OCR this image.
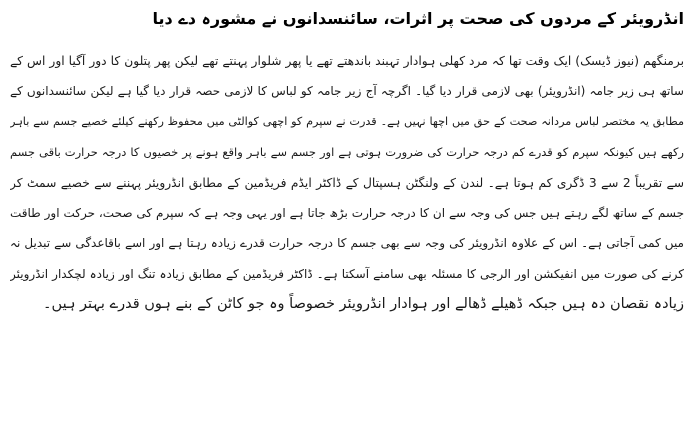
انڈرویئر کے مردوں کی صحت پر اثرات، سائنسدانوں نے مشورہ دے دیا
برمنگھم (نیوز ڈیسک) ایک وقت تھا کہ مرد کھلی ہوادار تہبند باندھتے تھے یا پھر شلوار پہنتے تھے لیکن پھر پتلون کا دور آگیا اور اس کے
ساتھ ہی زیر جامہ (انڈرویئر) بھی لازمی قرار دیا گیا۔ اگرچہ آج زیر جامہ کو لباس کا لازمی حصہ قرار دیا گیا ہے لیکن سائنسدانوں کے
مطابق یہ مختصر لباس مردانہ صحت کے حق میں اچھا نہیں ہے۔ قدرت نے سپرم کو اچھی کوالٹی میں محفوظ رکھنے کیلئے خصیے جسم سے باہر
رکھے ہیں کیونکہ سپرم کو قدرے کم درجہ حرارت کی ضرورت ہوتی ہے اور جسم سے باہر واقع ہونے پر خصیوں کا درجہ حرارت باقی جسم
سے تقریباً 2 سے 3 ڈگری کم ہوتا ہے۔ لندن کے ولنگٹن ہسپتال کے ڈاکٹر ایڈم فریڈمین کے مطابق انڈرویئر پہننے سے خصیے سمٹ کر
جسم کے ساتھ لگے رہتے ہیں جس کی وجہ سے ان کا درجہ حرارت بڑھ جاتا ہے اور یہی وجہ ہے کہ سپرم کی صحت، حرکت اور طاقت
میں کمی آجاتی ہے۔ اس کے علاوہ انڈرویئر کی وجہ سے بھی جسم کا درجہ حرارت قدرے زیادہ رہتا ہے اور اسے باقاعدگی سے تبدیل نہ
کرنے کی صورت میں انفیکشن اور الرجی کا مسئلہ بھی سامنے آسکتا ہے۔ ڈاکٹر فریڈمین کے مطابق زیادہ تنگ اور زیادہ لچکدار انڈرویئر
زیادہ نقصان دہ ہیں جبکہ ڈھیلے ڈھالے اور ہوادار انڈرویئر خصوصاً وہ جو کاٹن کے بنے ہوں قدرے بہتر ہیں۔
